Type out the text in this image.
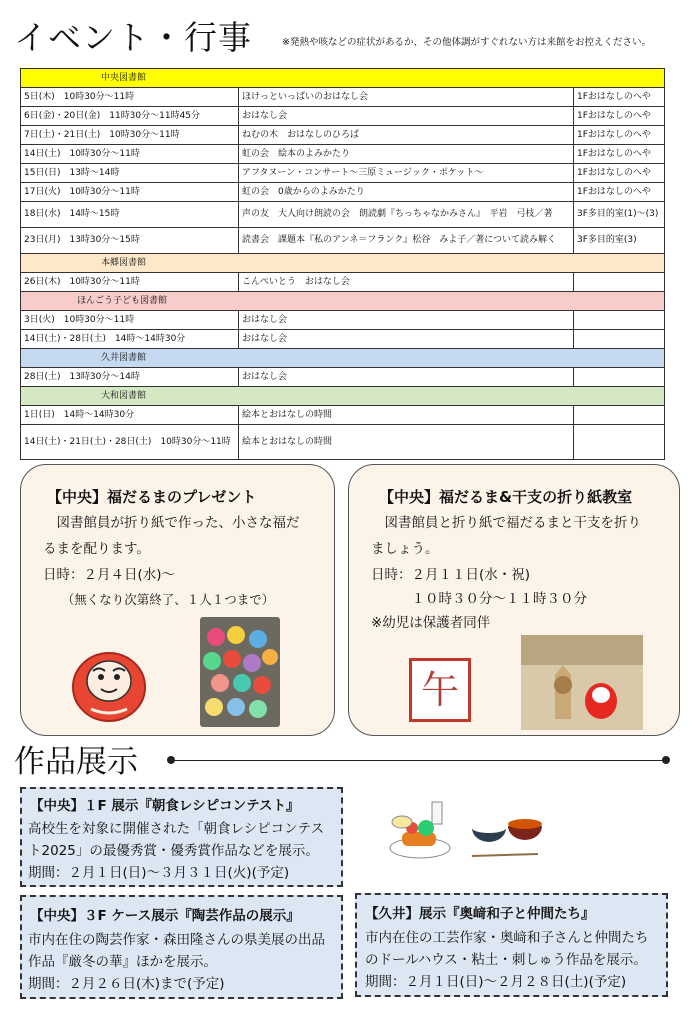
イベント・行事	※発熱や咳などの症状があるか、その他体調がすぐれない方は来館をお控えください。
中央図書館		
5日(木)　10時30分～11時	ほけっといっぱいのおはなし会	1Fおはなしのへや
6日(金)・20日(金)　11時30分～11時45分	おはなし会	1Fおはなしのへや
7日(土)・21日(土)　10時30分～11時	ねむの木　おはなしのひろば	1Fおはなしのへや
14日(土)　10時30分～11時	虹の会　絵本のよみかたり	1Fおはなしのへや
15日(日)　13時～14時	アフタヌーン・コンサート～三原ミュージック・ポケット～	1Fおはなしのへや
17日(火)　10時30分～11時	虹の会　0歳からのよみかたり	1Fおはなしのへや
18日(水)　14時～15時	声の友　大人向け朗読の会　朗読劇『ちっちゃなかみさん』　平岩　弓枝／著	3F多目的室(1)～(3)
23日(月)　13時30分～15時	読書会　課題本『私のアンネ＝フランク』松谷　みよ子／著について読み解く	3F多目的室(3)
本郷図書館		
26日(木)　10時30分～11時	こんぺいとう　おはなし会	
ほんごう子ども図書館		
3日(火)　10時30分～11時	おはなし会	
14日(土)・28日(土)　14時～14時30分	おはなし会	
久井図書館		
28日(土)　13時30分～14時	おはなし会	
大和図書館		
1日(日)　14時～14時30分	絵本とおはなしの時間	
14日(土)・21日(土)・28日(土)　10時30分～11時	絵本とおはなしの時間	
【中央】福だるまのプレゼント
　図書館員が折り紙で作った、小さな福だ
るまを配ります。
日時：２月４日(水)～
　　（無くなり次第終了、１人１つまで）
【中央】福だるま&干支の折り紙教室
　図書館員と折り紙で福だるまと干支を折り
ましょう。
日時：２月１１日(水・祝)
　　　１０時３０分～１１時３０分
※幼児は保護者同伴
午
作品展示
【中央】１F 展示『朝食レシピコンテスト』
高校生を対象に開催された「朝食レシピコンテス
ト2025」の最優秀賞・優秀賞作品などを展示。
期間：２月１日(日)～３月３１日(火)(予定)
【中央】３F ケース展示『陶芸作品の展示』
市内在住の陶芸作家・森田隆さんの県美展の出品
作品『厳冬の華』ほかを展示。
期間：２月２６日(木)まで(予定)
【久井】展示『奥﨑和子と仲間たち』
市内在住の工芸作家・奥﨑和子さんと仲間たち
のドールハウス・粘土・刺しゅう作品を展示。
期間：２月１日(日)～２月２８日(土)(予定)
